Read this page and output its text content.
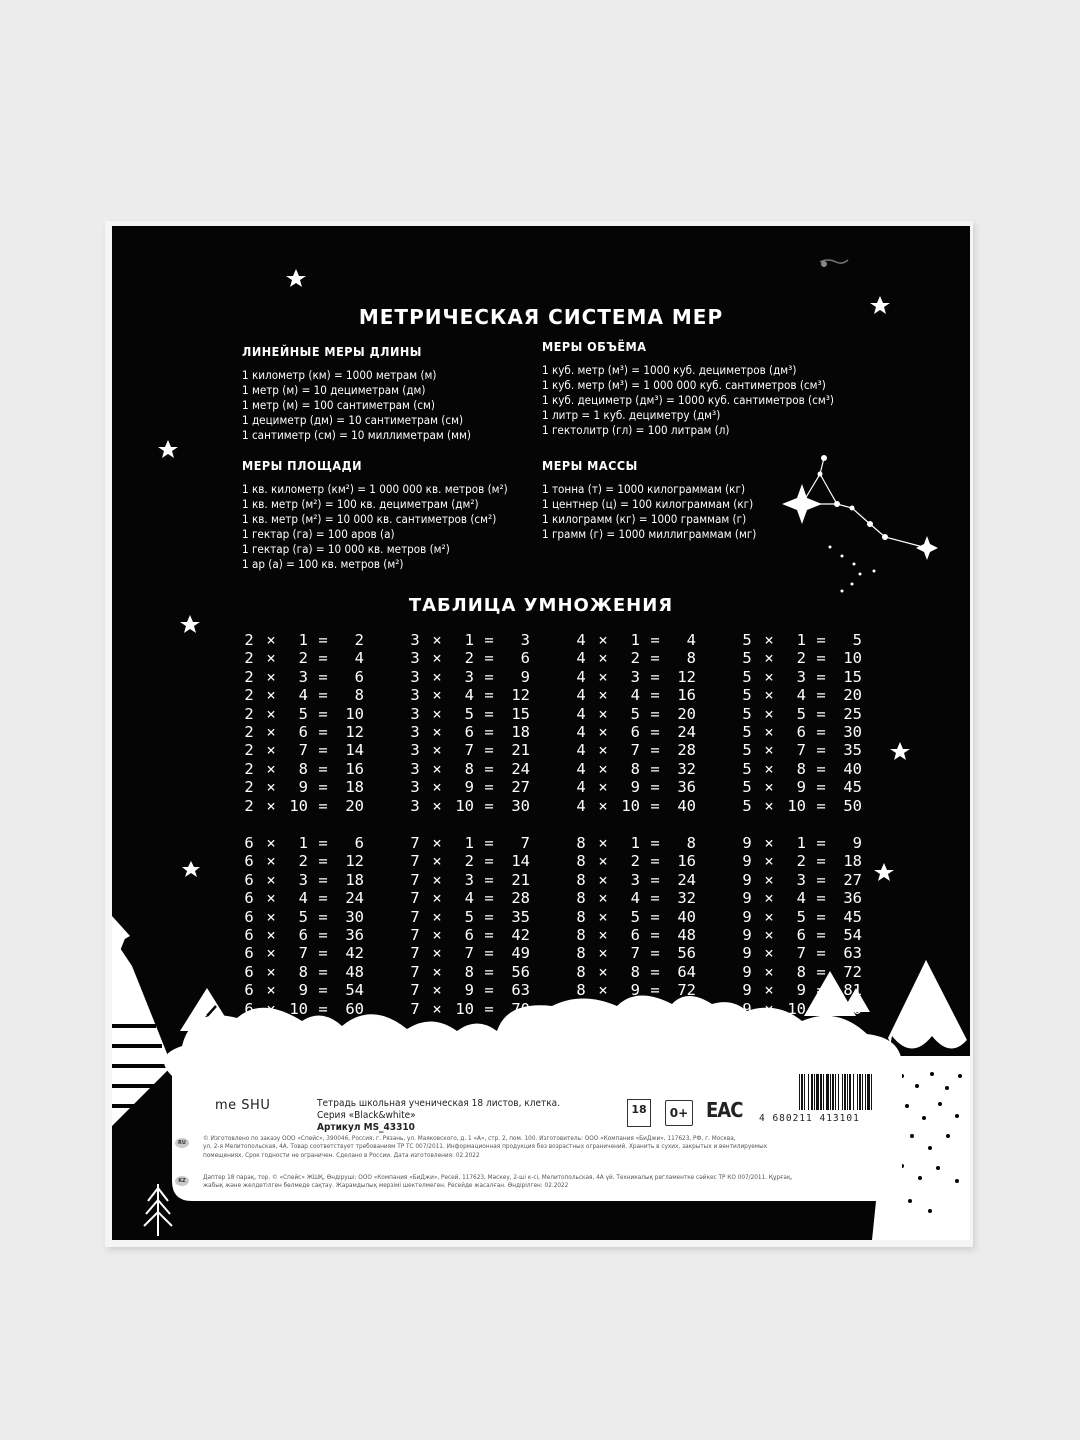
МЕТРИЧЕСКАЯ СИСТЕМА МЕР
ЛИНЕЙНЫЕ МЕРЫ ДЛИНЫ
1 километр (км) = 1000 метрам (м)
1 метр (м) = 10 дециметрам (дм)
1 метр (м) = 100 сантиметрам (см)
1 дециметр (дм) = 10 сантиметрам (см)
1 сантиметр (см) = 10 миллиметрам (мм)
МЕРЫ ОБЪЁМА
1 куб. метр (м³) = 1000 куб. дециметров (дм³)
1 куб. метр (м³) = 1 000 000 куб. сантиметров (см³)
1 куб. дециметр (дм³) = 1000 куб. сантиметров (см³)
1 литр = 1 куб. дециметру (дм³)
1 гектолитр (гл) = 100 литрам (л)
МЕРЫ ПЛОЩАДИ
1 кв. километр (км²) = 1 000 000 кв. метров (м²)
1 кв. метр (м²) = 100 кв. дециметрам (дм²)
1 кв. метр (м²) = 10 000 кв. сантиметров (см²)
1 гектар (га) = 100 аров (а)
1 гектар (га) = 10 000 кв. метров (м²)
1 ар (а) = 100 кв. метров (м²)
МЕРЫ МАССЫ
1 тонна (т) = 1000 килограммам (кг)
1 центнер (ц) = 100 килограммам (кг)
1 килограмм (кг) = 1000 граммам (г)
1 грамм (г) = 1000 миллиграммам (мг)
ТАБЛИЦА УМНОЖЕНИЯ
2 ×	1 =	2
2 ×	2 =	4
2 ×	3 =	6
2 ×	4 =	8
2 ×	5 =	10
2 ×	6 =	12
2 ×	7 =	14
2 ×	8 =	16
2 ×	9 =	18
2 × 10 =	20
3 ×	1 =	3
3 ×	2 =	6
3 ×	3 =	9
3 ×	4 =	12
3 ×	5 =	15
3 ×	6 =	18
3 ×	7 =	21
3 ×	8 =	24
3 ×	9 =	27
3 × 10 =	30
4 ×	1 =	4
4 ×	2 =	8
4 ×	3 =	12
4 ×	4 =	16
4 ×	5 =	20
4 ×	6 =	24
4 ×	7 =	28
4 ×	8 =	32
4 ×	9 =	36
4 × 10 =	40
5 ×	1 =	5
5 ×	2 =	10
5 ×	3 =	15
5 ×	4 =	20
5 ×	5 =	25
5 ×	6 =	30
5 ×	7 =	35
5 ×	8 =	40
5 ×	9 =	45
5 × 10 =	50
6 ×	1 =	6
6 ×	2 =	12
6 ×	3 =	18
6 ×	4 =	24
6 ×	5 =	30
6 ×	6 =	36
6 ×	7 =	42
6 ×	8 =	48
6 ×	9 =	54
6 × 10 =	60
7 ×	1 =	7
7 ×	2 =	14
7 ×	3 =	21
7 ×	4 =	28
7 ×	5 =	35
7 ×	6 =	42
7 ×	7 =	49
7 ×	8 =	56
7 ×	9 =	63
7 × 10 =	70
8 ×	1 =	8
8 ×	2 =	16
8 ×	3 =	24
8 ×	4 =	32
8 ×	5 =	40
8 ×	6 =	48
8 ×	7 =	56
8 ×	8 =	64
8 ×	9 =	72
8 × 10 =	80
9 ×	1 =	9
9 ×	2 =	18
9 ×	3 =	27
9 ×	4 =	36
9 ×	5 =	45
9 ×	6 =	54
9 ×	7 =	63
9 ×	8 =	72
9 ×	9 =	81
9 × 10 =	90
me SHU	Тетрадь школьная ученическая 18 листов, клетка.
Серия «Black&white»
Артикул MS_43310
18	0+ EAC 4 680211 413101
RU
© Изготовлено по заказу ООО «Спейс», 390046, Россия, г. Рязань, ул. Маяковского, д. 1 «А», стр. 2, пом. 100. Изготовитель: ООО «Компания «БиДжи», 117623, РФ, г. Москва,
ул. 2-я Мелитопольская, 4А. Товар соответствует требованиям ТР ТС 007/2011. Информационная продукция без возрастных ограничений. Хранить в сухих, закрытых и вентилируемых
помещениях. Срок годности не ограничен. Сделано в России. Дата изготовления: 02.2022
KZ	Дәптер 18 парақ, тор. © «Спейс» ЖШҚ, Өндіруші: ООО «Компания «БиДжи», Ресей, 117623, Мәскеу, 2-ші к-сі, Мелитопольская, 4А үй. Техникалық регламентке сәйкес ТР КО 007/2011. Құрғақ,
жабық және желдетілген бөлмеде сақтау. Жарамдылық мерзімі шектелмеген. Ресейде жасалған. Өндірілген: 02.2022
